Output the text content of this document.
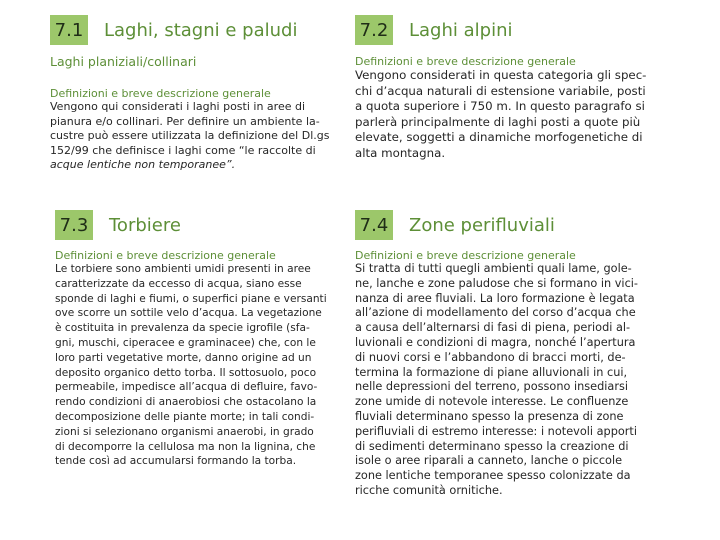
7.1 Laghi, stagni e paludi
Laghi planiziali/collinari
Definizioni e breve descrizione generale
Vengono qui considerati i laghi posti in aree di
pianura e/o collinari. Per definire un ambiente la-
custre può essere utilizzata la definizione del Dl.gs
152/99 che definisce i laghi come “le raccolte di
acque lentiche non temporanee”.
7.2 Laghi alpini
Definizioni e breve descrizione generale
Vengono considerati in questa categoria gli spec-
chi d’acqua naturali di estensione variabile, posti
a quota superiore i 750 m. In questo paragrafo si
parlerà principalmente di laghi posti a quote più
elevate, soggetti a dinamiche morfogenetiche di
alta montagna.
7.3 Torbiere
Definizioni e breve descrizione generale
Le torbiere sono ambienti umidi presenti in aree
caratterizzate da eccesso di acqua, siano esse
sponde di laghi e fiumi, o superfici piane e versanti
ove scorre un sottile velo d’acqua. La vegetazione
è costituita in prevalenza da specie igrofile (sfa-
gni, muschi, ciperacee e graminacee) che, con le
loro parti vegetative morte, danno origine ad un
deposito organico detto torba. Il sottosuolo, poco
permeabile, impedisce all’acqua di defluire, favo-
rendo condizioni di anaerobiosi che ostacolano la
decomposizione delle piante morte; in tali condi-
zioni si selezionano organismi anaerobi, in grado
di decomporre la cellulosa ma non la lignina, che
tende così ad accumularsi formando la torba.
7.4 Zone perifluviali
Definizioni e breve descrizione generale
Si tratta di tutti quegli ambienti quali lame, gole-
ne, lanche e zone paludose che si formano in vici-
nanza di aree fluviali. La loro formazione è legata
all’azione di modellamento del corso d’acqua che
a causa dell’alternarsi di fasi di piena, periodi al-
luvionali e condizioni di magra, nonché l’apertura
di nuovi corsi e l’abbandono di bracci morti, de-
termina la formazione di piane alluvionali in cui,
nelle depressioni del terreno, possono insediarsi
zone umide di notevole interesse. Le confluenze
fluviali determinano spesso la presenza di zone
perifluviali di estremo interesse: i notevoli apporti
di sedimenti determinano spesso la creazione di
isole o aree riparali a canneto, lanche o piccole
zone lentiche temporanee spesso colonizzate da
ricche comunità ornitiche.
